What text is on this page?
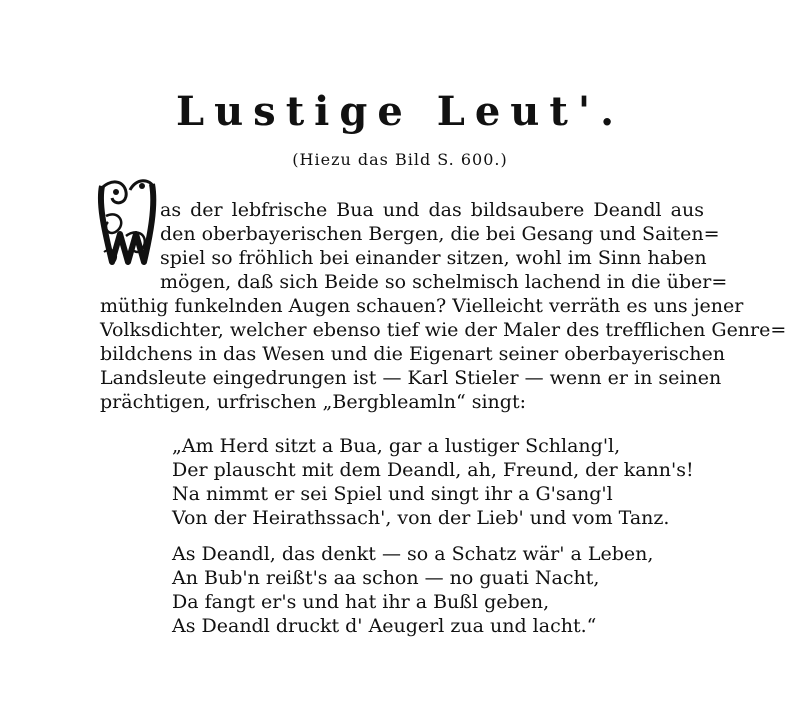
Lustige Leut'.
(Hiezu das Bild S. 600.)
as der lebfrische Bua und das bildsaubere Deandl aus
den oberbayerischen Bergen, die bei Gesang und Saiten=
spiel so fröhlich bei einander sitzen, wohl im Sinn haben
mögen, daß sich Beide so schelmisch lachend in die über=
müthig funkelnden Augen schauen? Vielleicht verräth es uns jener
Volksdichter, welcher ebenso tief wie der Maler des trefflichen Genre=
bildchens in das Wesen und die Eigenart seiner oberbayerischen
Landsleute eingedrungen ist — Karl Stieler — wenn er in seinen
prächtigen, urfrischen „Bergbleamln“ singt:
„Am Herd sitzt a Bua, gar a lustiger Schlang'l,
Der plauscht mit dem Deandl, ah, Freund, der kann's!
Na nimmt er sei Spiel und singt ihr a G'sang'l
Von der Heirathssach', von der Lieb' und vom Tanz.
As Deandl, das denkt — so a Schatz wär' a Leben,
An Bub'n reißt's aa schon — no guati Nacht,
Da fangt er's und hat ihr a Bußl geben,
As Deandl druckt d' Aeugerl zua und lacht.“
